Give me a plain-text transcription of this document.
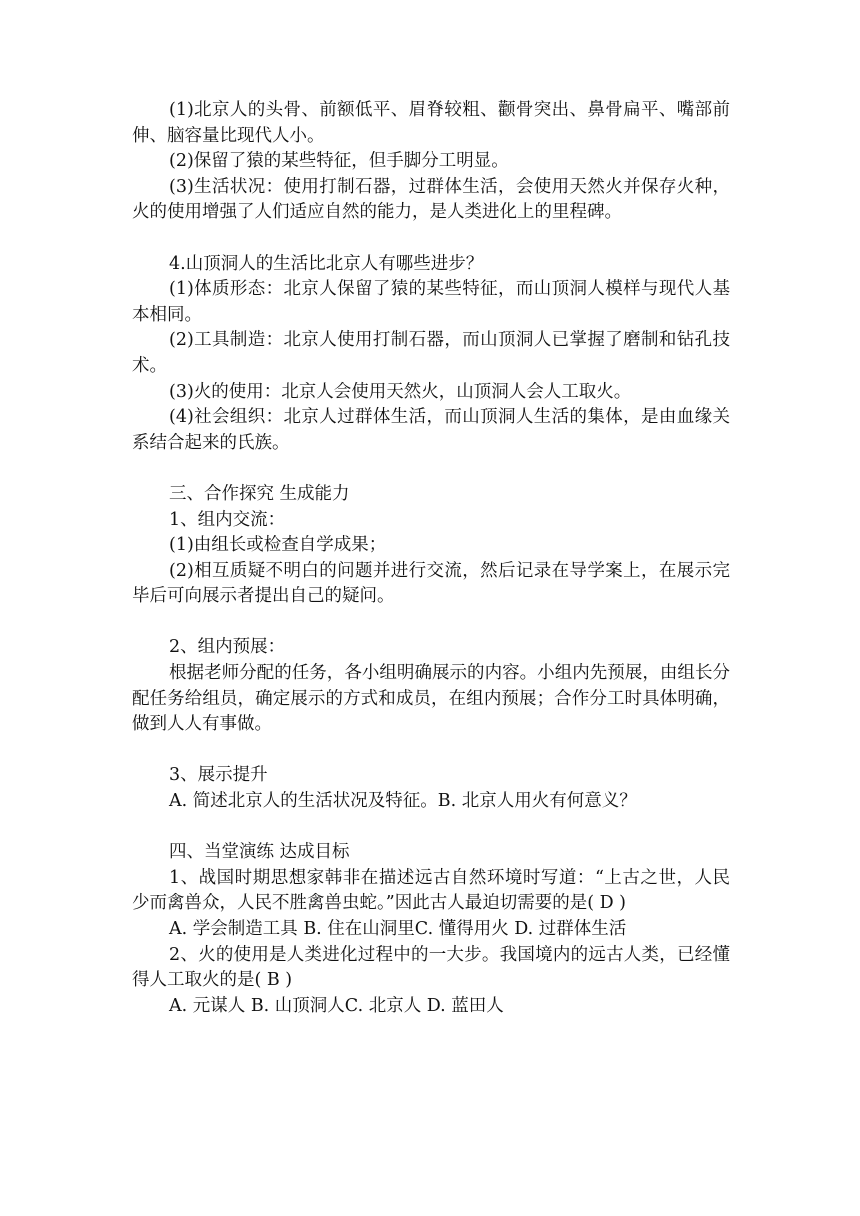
(1)北京人的头骨、前额低平、眉脊较粗、颧骨突出、鼻骨扁平、嘴部前伸、脑容量比现代人小。

(2)保留了猿的某些特征，但手脚分工明显。

(3)生活状况：使用打制石器，过群体生活，会使用天然火并保存火种，火的使用增强了人们适应自然的能力，是人类进化上的里程碑。

4.山顶洞人的生活比北京人有哪些进步？

(1)体质形态：北京人保留了猿的某些特征，而山顶洞人模样与现代人基本相同。

(2)工具制造：北京人使用打制石器，而山顶洞人已掌握了磨制和钻孔技术。

(3)火的使用：北京人会使用天然火，山顶洞人会人工取火。

(4)社会组织：北京人过群体生活，而山顶洞人生活的集体，是由血缘关系结合起来的氏族。

三、合作探究 生成能力

1、组内交流：

(1)由组长或检查自学成果；

(2)相互质疑不明白的问题并进行交流，然后记录在导学案上，在展示完毕后可向展示者提出自己的疑问。

2、组内预展：

根据老师分配的任务，各小组明确展示的内容。小组内先预展，由组长分配任务给组员，确定展示的方式和成员，在组内预展；合作分工时具体明确，做到人人有事做。

3、展示提升

A. 简述北京人的生活状况及特征。B. 北京人用火有何意义？

四、当堂演练 达成目标

1、战国时期思想家韩非在描述远古自然环境时写道：“上古之世，人民少而禽兽众，人民不胜禽兽虫蛇。”因此古人最迫切需要的是( D )

A. 学会制造工具 B. 住在山洞里C. 懂得用火 D. 过群体生活

2、火的使用是人类进化过程中的一大步。我国境内的远古人类，已经懂得人工取火的是( B )

A. 元谋人 B. 山顶洞人C. 北京人 D. 蓝田人
